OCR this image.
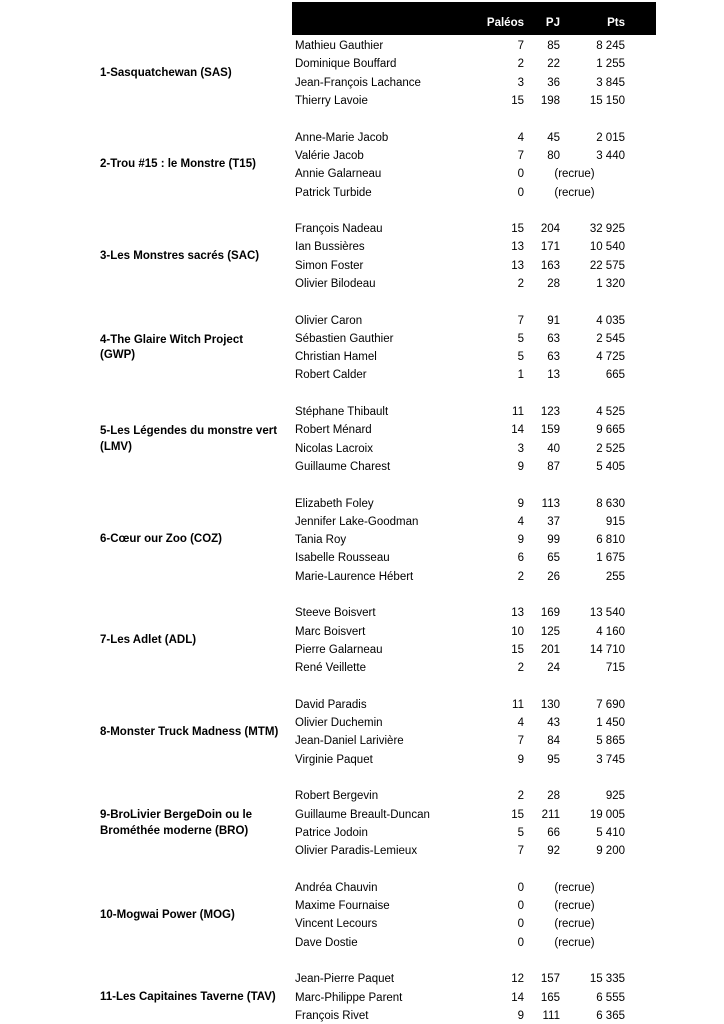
Paléos	PJ	Pts
1-Sasquatchewan (SAS)
Mathieu Gauthier	7	85	8 245
Dominique Bouffard	2	22	1 255
Jean-François Lachance	3	36	3 845
Thierry Lavoie	15	198	15 150
2-Trou #15 : le Monstre (T15)
Anne-Marie Jacob	4	45	2 015
Valérie Jacob	7	80	3 440
Annie Galarneau	0	(recrue)
Patrick Turbide	0	(recrue)
3-Les Monstres sacrés (SAC)
François Nadeau	15	204	32 925
Ian Bussières	13	171	10 540
Simon Foster	13	163	22 575
Olivier Bilodeau	2	28	1 320
4-The Glaire Witch Project (GWP)
Olivier Caron	7	91	4 035
Sébastien Gauthier	5	63	2 545
Christian Hamel	5	63	4 725
Robert Calder	1	13	665
5-Les Légendes du monstre vert (LMV)
Stéphane Thibault	11	123	4 525
Robert Ménard	14	159	9 665
Nicolas Lacroix	3	40	2 525
Guillaume Charest	9	87	5 405
6-Cœur our Zoo (COZ)
Elizabeth Foley	9	113	8 630
Jennifer Lake-Goodman	4	37	915
Tania Roy	9	99	6 810
Isabelle Rousseau	6	65	1 675
Marie-Laurence Hébert	2	26	255
7-Les Adlet (ADL)
Steeve Boisvert	13	169	13 540
Marc Boisvert	10	125	4 160
Pierre Galarneau	15	201	14 710
René Veillette	2	24	715
8-Monster Truck Madness (MTM)
David Paradis	11	130	7 690
Olivier Duchemin	4	43	1 450
Jean-Daniel Larivière	7	84	5 865
Virginie Paquet	9	95	3 745
9-BroLivier BergeDoin ou le Brométhée moderne (BRO)
Robert Bergevin	2	28	925
Guillaume Breault-Duncan	15	211	19 005
Patrice Jodoin	5	66	5 410
Olivier Paradis-Lemieux	7	92	9 200
10-Mogwai Power (MOG)
Andréa Chauvin	0	(recrue)
Maxime Fournaise	0	(recrue)
Vincent Lecours	0	(recrue)
Dave Dostie	0	(recrue)
11-Les Capitaines Taverne (TAV)
Jean-Pierre Paquet	12	157	15 335
Marc-Philippe Parent	14	165	6 555
François Rivet	9	111	6 365
